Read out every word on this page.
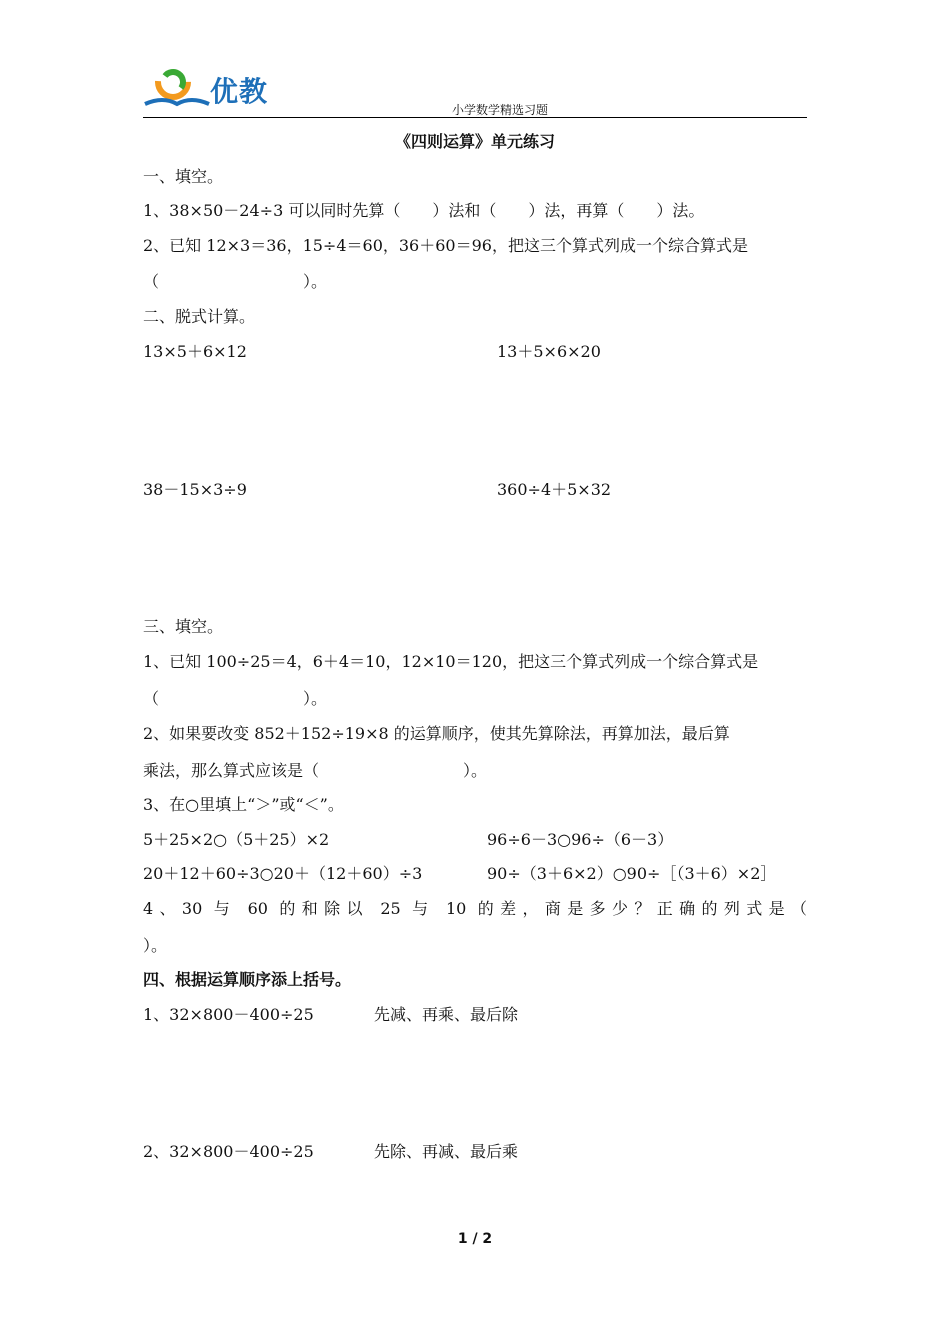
优教
小学数学精选习题
《四则运算》单元练习
一、填空。
1、38×50－24÷3 可以同时先算（　　）法和（　　）法，再算（　　）法。
2、已知 12×3＝36，15÷4＝60，36＋60＝96，把这三个算式列成一个综合算式是
（　　　　　　　　　）。
二、脱式计算。
13×5＋6×12	13＋5×6×20
38－15×3÷9	360÷4＋5×32
三、填空。
1、已知 100÷25＝4，6＋4＝10，12×10＝120，把这三个算式列成一个综合算式是
（　　　　　　　　　）。
2、如果要改变 852＋152÷19×8 的运算顺序，使其先算除法，再算加法，最后算
乘法，那么算式应该是（　　　　　　　　　）。
3、在○里填上“＞”或“＜”。
5＋25×2○（5＋25）×2	96÷6－3○96÷（6－3）
20＋12＋60÷3○20＋（12＋60）÷3	90÷（3＋6×2）○90÷［（3＋6）×2］
4、30 与 60 的和除以 25 与 10 的差，商是多少？正确的列式是（
）。
四、根据运算顺序添上括号。
1、32×800－400÷25	先减、再乘、最后除
2、32×800－400÷25	先除、再减、最后乘
1 / 2
